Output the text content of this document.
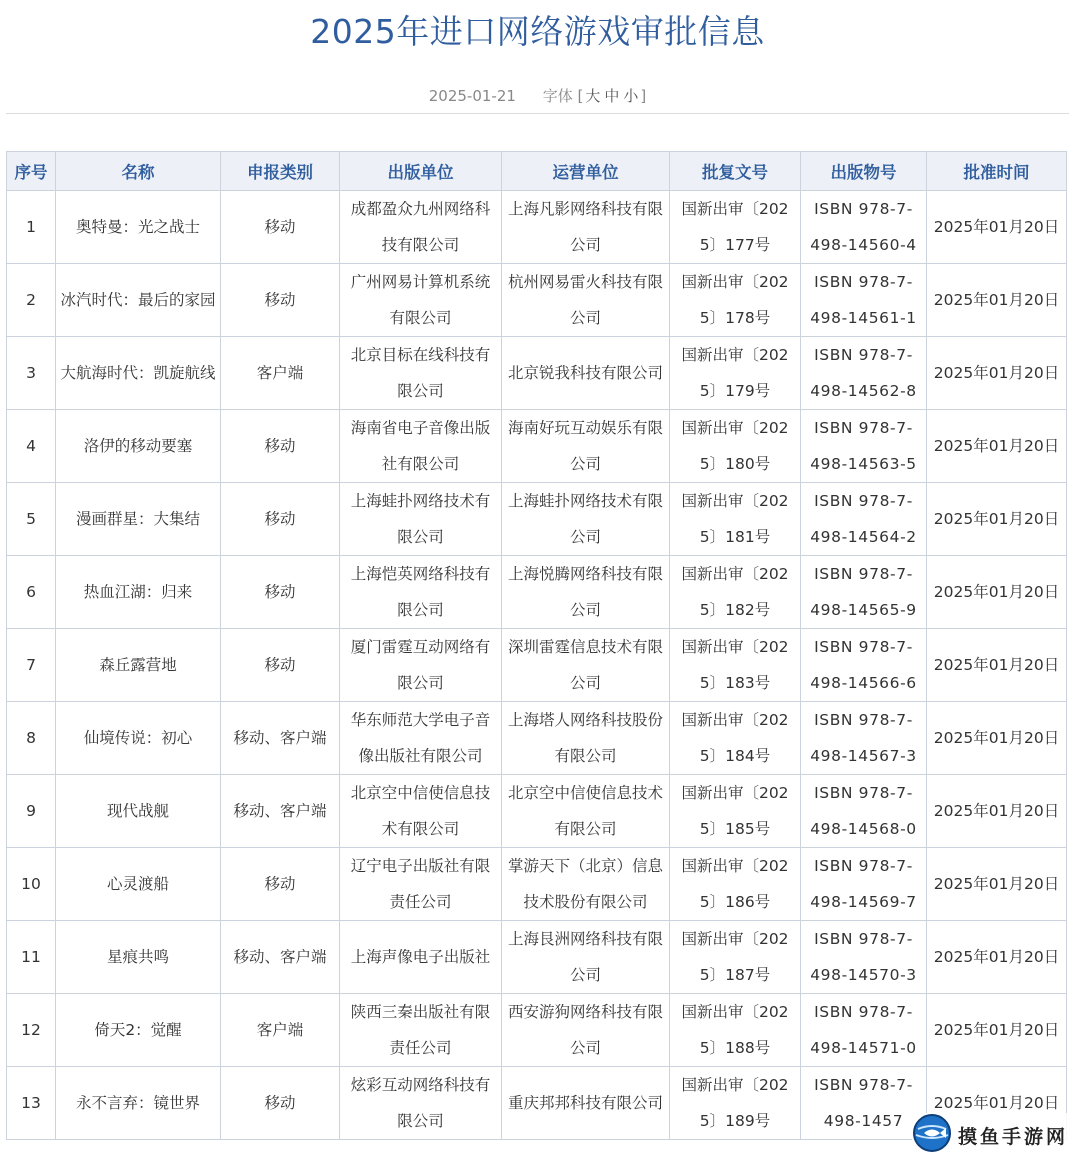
2025年进口网络游戏审批信息
2025-01-21 字体 [ 大 中 小 ]
序号	名称	申报类别	出版单位	运营单位	批复文号	出版物号	批准时间
1	奥特曼：光之战士	移动	成都盈众九州网络科技有限公司	上海凡影网络科技有限公司	国新出审〔2025〕177号	ISBN 978-7-498-14560-4	2025年01月20日
2	冰汽时代：最后的家园	移动	广州网易计算机系统有限公司	杭州网易雷火科技有限公司	国新出审〔2025〕178号	ISBN 978-7-498-14561-1	2025年01月20日
3	大航海时代：凯旋航线	客户端	北京目标在线科技有限公司	北京锐我科技有限公司	国新出审〔2025〕179号	ISBN 978-7-498-14562-8	2025年01月20日
4	洛伊的移动要塞	移动	海南省电子音像出版社有限公司	海南好玩互动娱乐有限公司	国新出审〔2025〕180号	ISBN 978-7-498-14563-5	2025年01月20日
5	漫画群星：大集结	移动	上海蛙扑网络技术有限公司	上海蛙扑网络技术有限公司	国新出审〔2025〕181号	ISBN 978-7-498-14564-2	2025年01月20日
6	热血江湖：归来	移动	上海恺英网络科技有限公司	上海悦腾网络科技有限公司	国新出审〔2025〕182号	ISBN 978-7-498-14565-9	2025年01月20日
7	森丘露营地	移动	厦门雷霆互动网络有限公司	深圳雷霆信息技术有限公司	国新出审〔2025〕183号	ISBN 978-7-498-14566-6	2025年01月20日
8	仙境传说：初心	移动、客户端	华东师范大学电子音像出版社有限公司	上海塔人网络科技股份有限公司	国新出审〔2025〕184号	ISBN 978-7-498-14567-3	2025年01月20日
9	现代战舰	移动、客户端	北京空中信使信息技术有限公司	北京空中信使信息技术有限公司	国新出审〔2025〕185号	ISBN 978-7-498-14568-0	2025年01月20日
10	心灵渡船	移动	辽宁电子出版社有限责任公司	掌游天下（北京）信息技术股份有限公司	国新出审〔2025〕186号	ISBN 978-7-498-14569-7	2025年01月20日
11	星痕共鸣	移动、客户端	上海声像电子出版社	上海艮洲网络科技有限公司	国新出审〔2025〕187号	ISBN 978-7-498-14570-3	2025年01月20日
12	倚天2：觉醒	客户端	陕西三秦出版社有限责任公司	西安游狗网络科技有限公司	国新出审〔2025〕188号	ISBN 978-7-498-14571-0	2025年01月20日
13	永不言弃：镜世界	移动	炫彩互动网络科技有限公司	重庆邦邦科技有限公司	国新出审〔2025〕189号	ISBN 978-7-498-1457	2025年01月20日
摸鱼手游网
